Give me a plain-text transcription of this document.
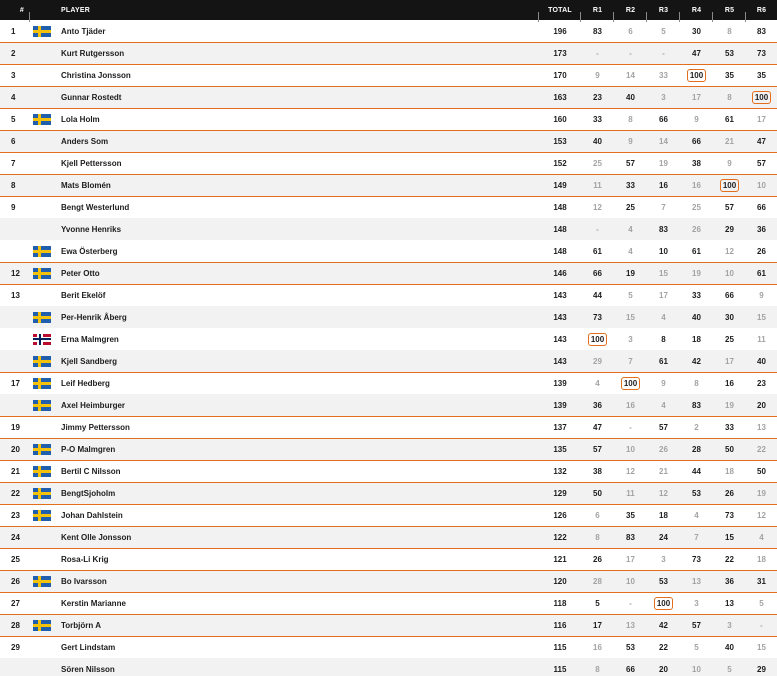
#	PLAYER	TOTAL	R1	R2	R3	R4	R5	R6
1	Anto Tjäder	196	83	6	5	30	8	83
2	Kurt Rutgersson	173	-	-	-	47	53	73
3	Christina Jonsson	170	9	14	33	100	35	35
4	Gunnar Rostedt	163	23	40	3	17	8	100
5	Lola Holm	160	33	8	66	9	61	17
6	Anders Som	153	40	9	14	66	21	47
7	Kjell Pettersson	152	25	57	19	38	9	57
8	Mats Blomén	149	11	33	16	16	100	10
9	Bengt Westerlund	148	12	25	7	25	57	66
Yvonne Henriks	148	-	4	83	26	29	36
Ewa Österberg	148	61	4	10	61	12	26
12	Peter Otto	146	66	19	15	19	10	61
13	Berit Ekelöf	143	44	5	17	33	66	9
Per-Henrik Åberg	143	73	15	4	40	30	15
Erna Malmgren	143	100	3	8	18	25	11
Kjell Sandberg	143	29	7	61	42	17	40
17	Leif Hedberg	139	4	100	9	8	16	23
Axel Heimburger	139	36	16	4	83	19	20
19	Jimmy Pettersson	137	47	-	57	2	33	13
20	P-O Malmgren	135	57	10	26	28	50	22
21	Bertil C Nilsson	132	38	12	21	44	18	50
22	BengtSjoholm	129	50	11	12	53	26	19
23	Johan Dahlstein	126	6	35	18	4	73	12
24	Kent Olle Jonsson	122	8	83	24	7	15	4
25	Rosa-Li Krig	121	26	17	3	73	22	18
26	Bo Ivarsson	120	28	10	53	13	36	31
27	Kerstin Marianne	118	5	-	100	3	13	5
28	Torbjörn A	116	17	13	42	57	3	-
29	Gert Lindstam	115	16	53	22	5	40	15
Sören Nilsson	115	8	66	20	10	5	29
